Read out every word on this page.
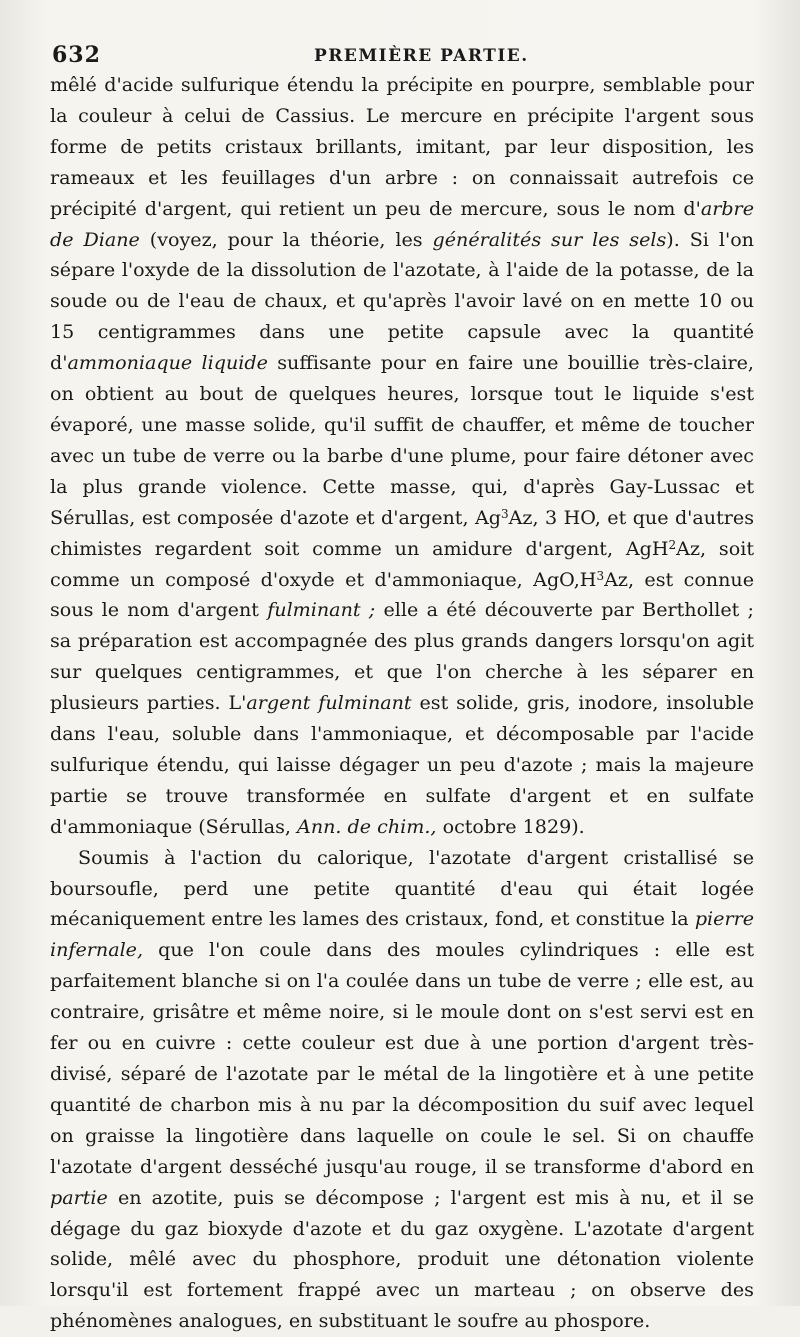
632	PREMIÈRE PARTIE.

mêlé d'acide sulfurique étendu la précipite en pourpre, semblable pour la couleur à celui de Cassius. Le mercure en précipite l'argent sous forme de petits cristaux brillants, imitant, par leur disposition, les rameaux et les feuillages d'un arbre : on connaissait autrefois ce précipité d'argent, qui retient un peu de mercure, sous le nom d'arbre de Diane (voyez, pour la théorie, les généralités sur les sels). Si l'on sépare l'oxyde de la dissolution de l'azotate, à l'aide de la potasse, de la soude ou de l'eau de chaux, et qu'après l'avoir lavé on en mette 10 ou 15 centigrammes dans une petite capsule avec la quantité d'ammoniaque liquide suffisante pour en faire une bouillie très-claire, on obtient au bout de quelques heures, lorsque tout le liquide s'est évaporé, une masse solide, qu'il suffit de chauffer, et même de toucher avec un tube de verre ou la barbe d'une plume, pour faire détoner avec la plus grande violence. Cette masse, qui, d'après Gay-Lussac et Sérullas, est composée d'azote et d'argent, Ag$^3$Az, 3 HO, et que d'autres chimistes regardent soit comme un amidure d'argent, AgH$^2$Az, soit comme un composé d'oxyde et d'ammoniaque, $AgO,H^3Az$, est connue sous le nom d'argent fulminant ; elle a été découverte par Berthollet ; sa préparation est accompagnée des plus grands dangers lorsqu'on agit sur quelques centigrammes, et que l'on cherche à les séparer en plusieurs parties. L'argent fulminant est solide, gris, inodore, insoluble dans l'eau, soluble dans l'ammoniaque, et décomposable par l'acide sulfurique étendu, qui laisse dégager un peu d'azote ; mais la majeure partie se trouve transformée en sulfate d'argent et en sulfate d'ammoniaque (Sérullas, Ann. de chim., octobre 1829).

Soumis à l'action du calorique, l'azotate d'argent cristallisé se boursoufle, perd une petite quantité d'eau qui était logée mécaniquement entre les lames des cristaux, fond, et constitue la pierre infernale, que l'on coule dans des moules cylindriques : elle est parfaitement blanche si on l'a coulée dans un tube de verre ; elle est, au contraire, grisâtre et même noire, si le moule dont on s'est servi est en fer ou en cuivre : cette couleur est due à une portion d'argent très-divisé, séparé de l'azotate par le métal de la lingotière et à une petite quantité de charbon mis à nu par la décomposition du suif avec lequel on graisse la lingotière dans laquelle on coule le sel. Si on chauffe l'azotate d'argent desséché jusqu'au rouge, il se transforme d'abord en partie en azotite, puis se décompose ; l'argent est mis à nu, et il se dégage du gaz bioxyde d'azote et du gaz oxygène. L'azotate d'argent solide, mêlé avec du phosphore, produit une détonation violente lorsqu'il est fortement frappé avec un marteau ; on observe des phénomènes analogues, en substituant le soufre au phospore.
